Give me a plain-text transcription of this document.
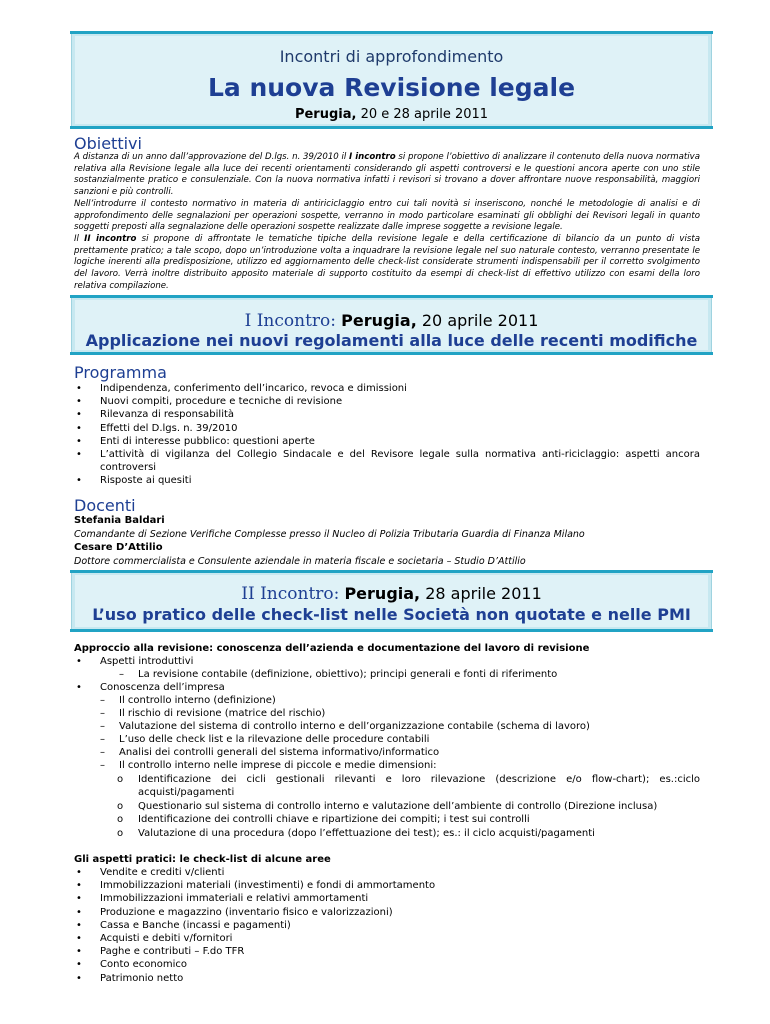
Incontri di approfondimento
La nuova Revisione legale
Perugia, 20 e 28 aprile 2011
Obiettivi
A distanza di un anno dall’approvazione del D.lgs. n. 39/2010 il I incontro si propone l’obiettivo di analizzare il contenuto della nuova normativa relativa alla Revisione legale alla luce dei recenti orientamenti considerando gli aspetti controversi e le questioni ancora aperte con uno stile sostanzialmente pratico e consulenziale. Con la nuova normativa infatti i revisori si trovano a dover affrontare nuove responsabilità, maggiori sanzioni e più controlli.
Nell’introdurre il contesto normativo in materia di antiriciclaggio entro cui tali novità si inseriscono, nonché le metodologie di analisi e di approfondimento delle segnalazioni per operazioni sospette, verranno in modo particolare esaminati gli obblighi dei Revisori legali in quanto soggetti preposti alla segnalazione delle operazioni sospette realizzate dalle imprese soggette a revisione legale.
Il II incontro si propone di affrontate le tematiche tipiche della revisione legale e della certificazione di bilancio da un punto di vista prettamente pratico; a tale scopo, dopo un’introduzione volta a inquadrare la revisione legale nel suo naturale contesto, verranno presentate le logiche inerenti alla predisposizione, utilizzo ed aggiornamento delle check-list considerate strumenti indispensabili per il corretto svolgimento del lavoro. Verrà inoltre distribuito apposito materiale di supporto costituito da esempi di check-list di effettivo utilizzo con esami della loro relativa compilazione.
I Incontro: Perugia, 20 aprile 2011
Applicazione nei nuovi regolamenti alla luce delle recenti modifiche
Programma
• Indipendenza, conferimento dell’incarico, revoca e dimissioni
• Nuovi compiti, procedure e tecniche di revisione
• Rilevanza di responsabilità
• Effetti del D.lgs. n. 39/2010
• Enti di interesse pubblico: questioni aperte
• L’attività di vigilanza del Collegio Sindacale e del Revisore legale sulla normativa anti-riciclaggio: aspetti ancora controversi
• Risposte ai quesiti
Docenti
Stefania Baldari
Comandante di Sezione Verifiche Complesse presso il Nucleo di Polizia Tributaria Guardia di Finanza Milano
Cesare D’Attilio
Dottore commercialista e Consulente aziendale in materia fiscale e societaria – Studio D’Attilio
II Incontro: Perugia, 28 aprile 2011
L’uso pratico delle check-list nelle Società non quotate e nelle PMI
Approccio alla revisione: conoscenza dell’azienda e documentazione del lavoro di revisione
• Aspetti introduttivi
– La revisione contabile (definizione, obiettivo); principi generali e fonti di riferimento
• Conoscenza dell’impresa
– Il controllo interno (definizione)
– Il rischio di revisione (matrice del rischio)
– Valutazione del sistema di controllo interno e dell’organizzazione contabile (schema di lavoro)
– L’uso delle check list e la rilevazione delle procedure contabili
– Analisi dei controlli generali del sistema informativo/informatico
– Il controllo interno nelle imprese di piccole e medie dimensioni:
o	Identificazione dei cicli gestionali rilevanti e loro rilevazione (descrizione e/o flow-chart); es.:ciclo acquisti/pagamenti
o	Questionario sul sistema di controllo interno e valutazione dell’ambiente di controllo (Direzione inclusa)
o	Identificazione dei controlli chiave e ripartizione dei compiti; i test sui controlli
o	Valutazione di una procedura (dopo l’effettuazione dei test); es.: il ciclo acquisti/pagamenti
Gli aspetti pratici: le check-list di alcune aree
• Vendite e crediti v/clienti
• Immobilizzazioni materiali (investimenti) e fondi di ammortamento
• Immobilizzazioni immateriali e relativi ammortamenti
• Produzione e magazzino (inventario fisico e valorizzazioni)
• Cassa e Banche (incassi e pagamenti)
• Acquisti e debiti v/fornitori
• Paghe e contributi – F.do TFR
• Conto economico
• Patrimonio netto
